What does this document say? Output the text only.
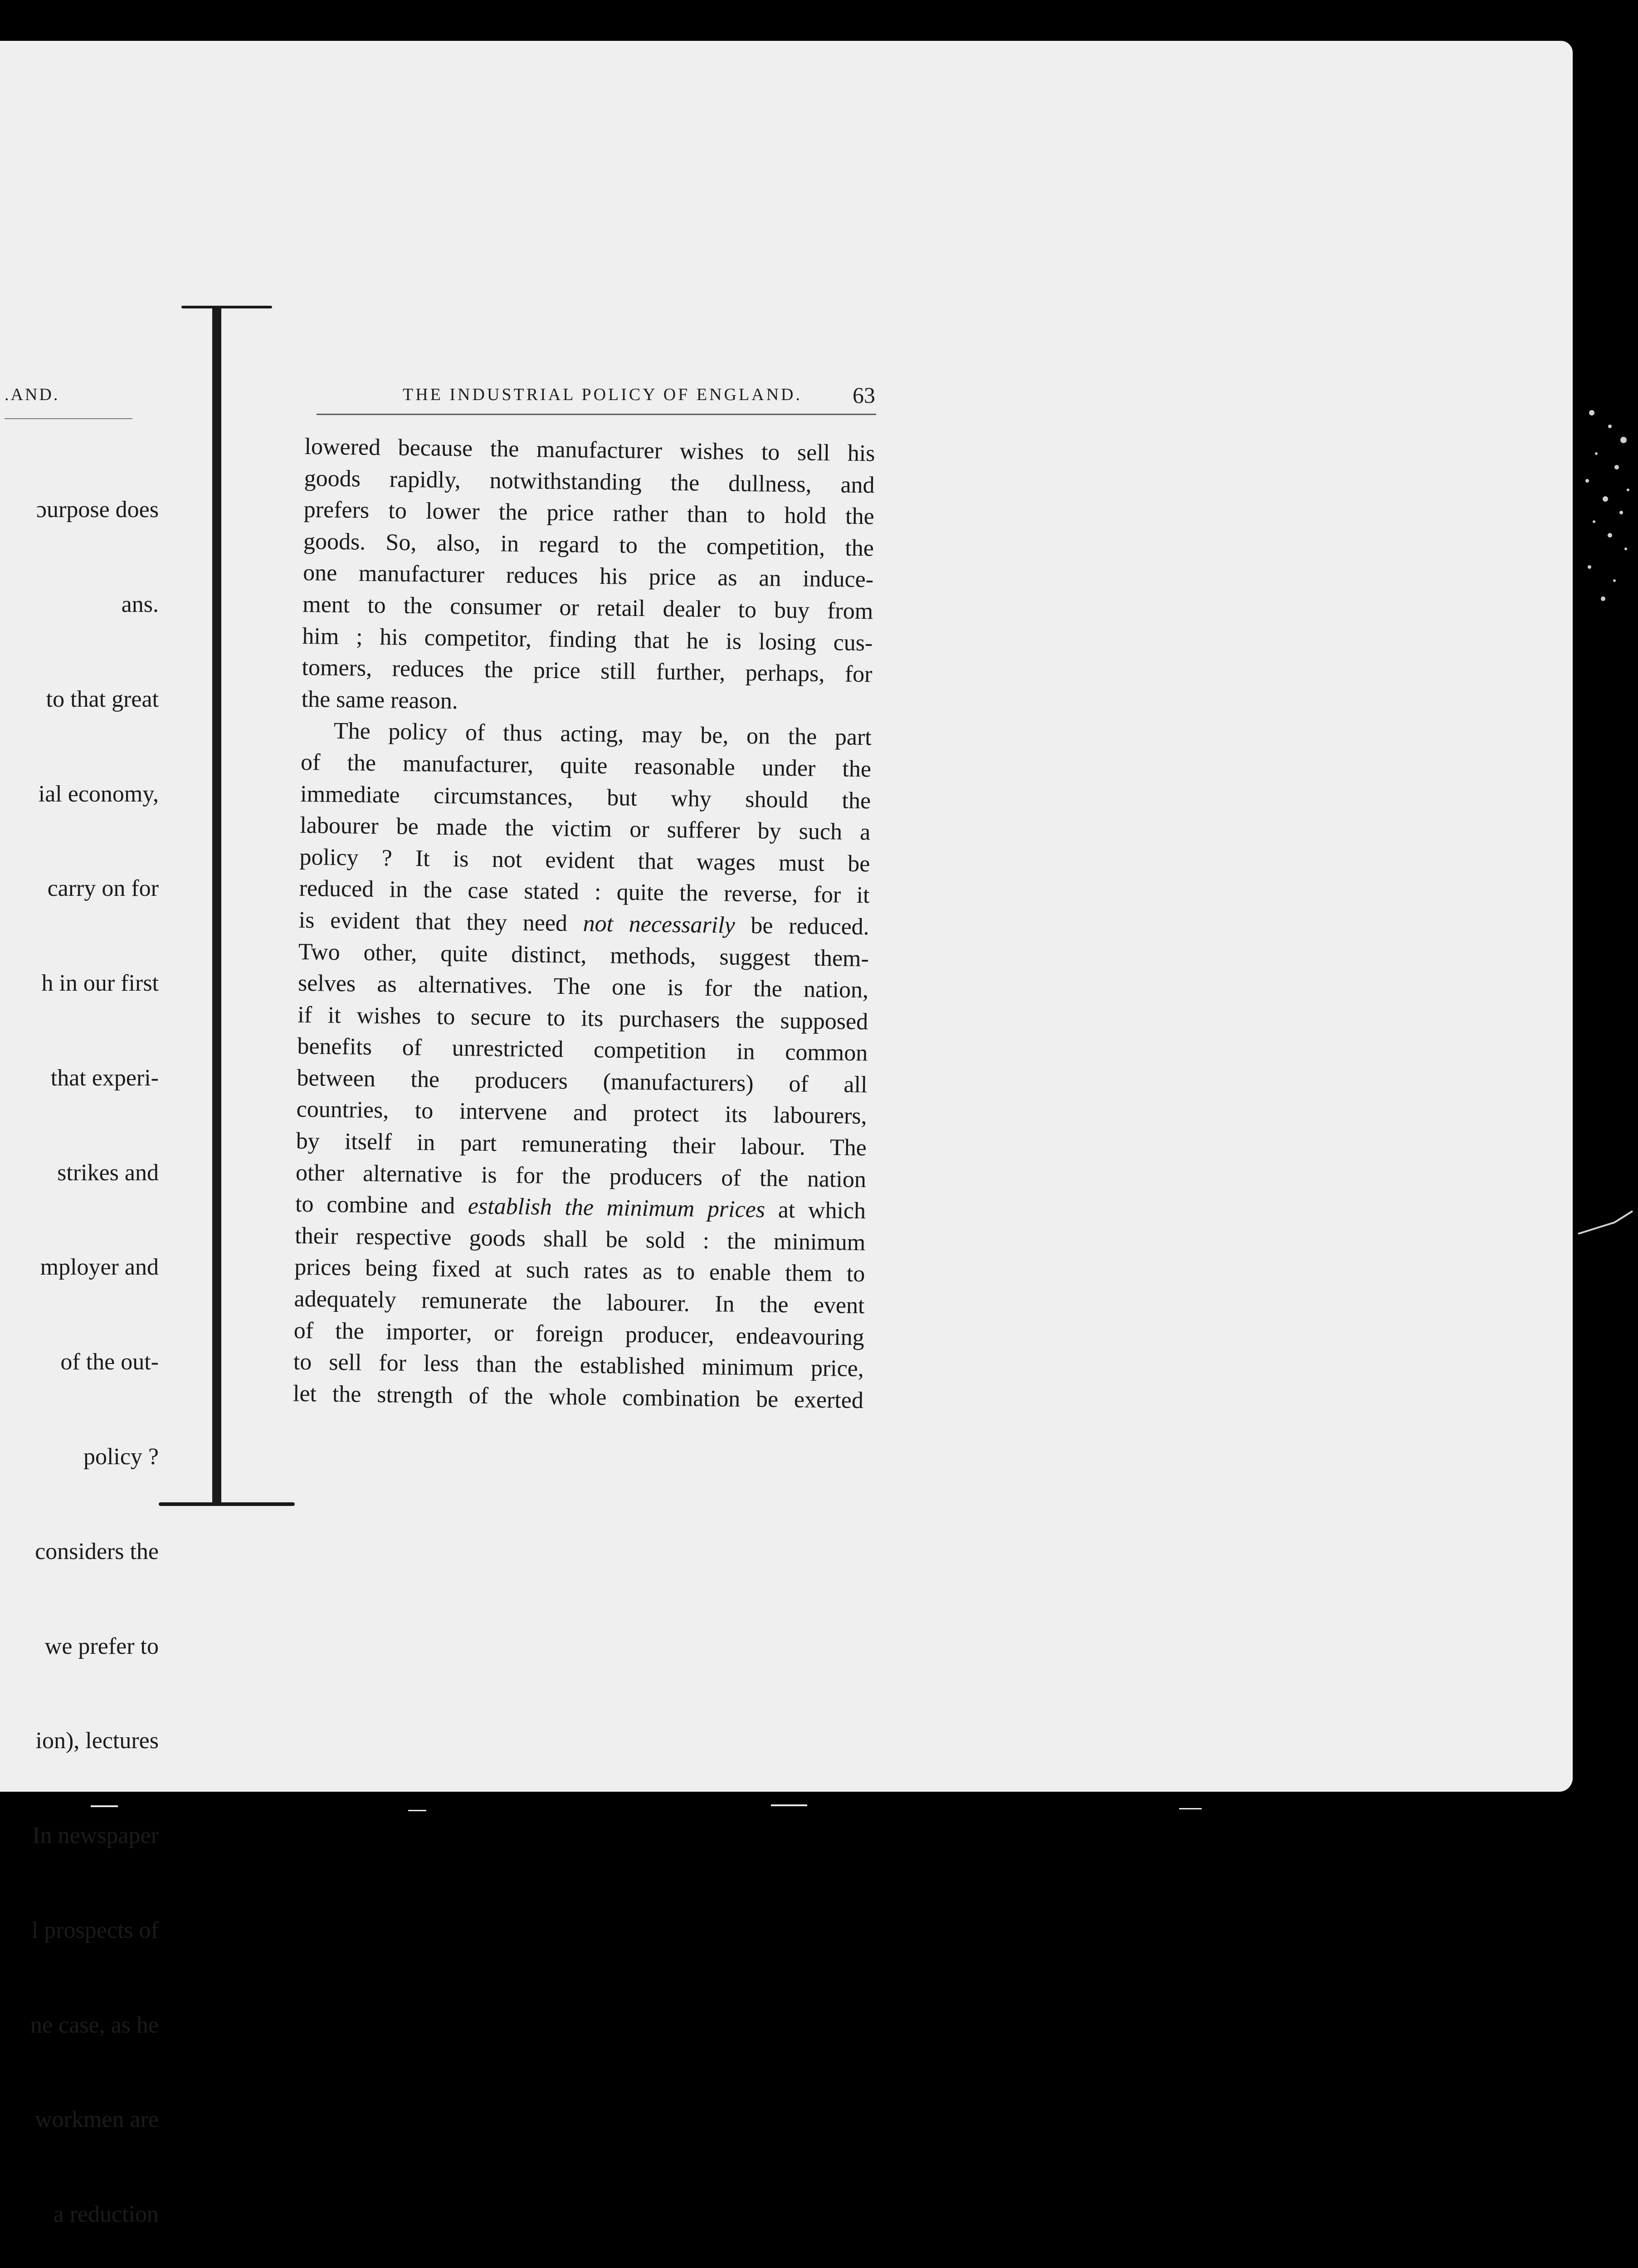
.AND.

ɔurpose does

ans.

to that great

ial economy,

carry on for

h in our first

that experi-

strikes and

mployer and

of the out-

policy ?

considers the

we prefer to

ion), lectures

In newspaper

l prospects of

ne case, as he

workmen are

a reduction

THE INDUSTRIAL POLICY OF ENGLAND. 63
lowered because the manufacturer wishes to sell his
goods rapidly, notwithstanding the dullness, and
prefers to lower the price rather than to hold the
goods. So, also, in regard to the competition, the
one manufacturer reduces his price as an induce-
ment to the consumer or retail dealer to buy from
him ; his competitor, finding that he is losing cus-
tomers, reduces the price still further, perhaps, for
the same reason.
The policy of thus acting, may be, on the part
of the manufacturer, quite reasonable under the
immediate circumstances, but why should the
labourer be made the victim or sufferer by such a
policy ? It is not evident that wages must be
reduced in the case stated : quite the reverse, for it
is evident that they need not necessarily be reduced.
Two other, quite distinct, methods, suggest them-
selves as alternatives. The one is for the nation,
if it wishes to secure to its purchasers the supposed
benefits of unrestricted competition in common
between the producers (manufacturers) of all
countries, to intervene and protect its labourers,
by itself in part remunerating their labour. The
other alternative is for the producers of the nation
to combine and establish the minimum prices at which
their respective goods shall be sold : the minimum
prices being fixed at such rates as to enable them to
adequately remunerate the labourer. In the event
of the importer, or foreign producer, endeavouring
to sell for less than the established minimum price,
let the strength of the whole combination be exerted
